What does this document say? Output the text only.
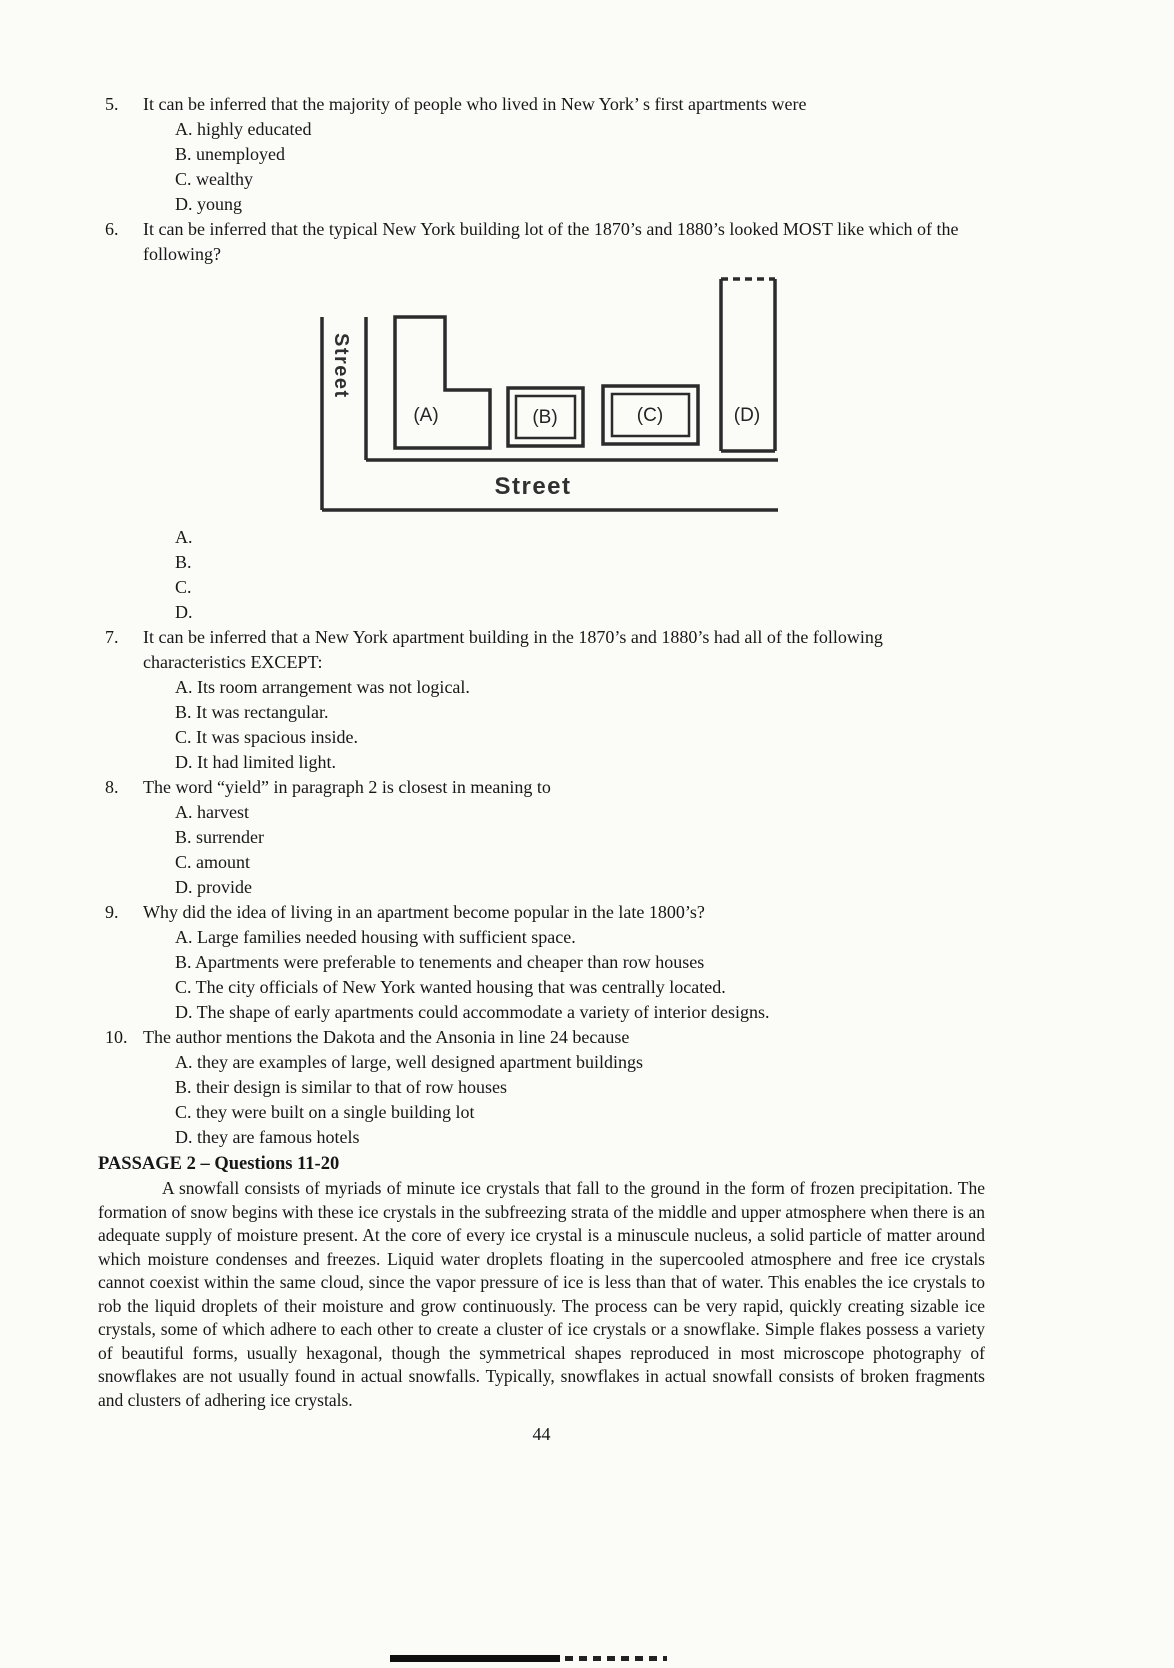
5.	It can be inferred that the majority of people who lived in New York’ s first apartments were
A. highly educated
B. unemployed
C. wealthy
D. young
6.	It can be inferred that the typical New York building lot of the 1870’s and 1880’s looked MOST like which of the following?
Street
Street
(A)	(B)	(C)	(D)
A.
B.
C.
D.
7.	It can be inferred that a New York apartment building in the 1870’s and 1880’s had all of the following characteristics EXCEPT:
A. Its room arrangement was not logical.
B. It was rectangular.
C. It was spacious inside.
D. It had limited light.
8.	The word “yield” in paragraph 2 is closest in meaning to
A. harvest
B. surrender
C. amount
D. provide
9.	Why did the idea of living in an apartment become popular in the late 1800’s?
A. Large families needed housing with sufficient space.
B. Apartments were preferable to tenements and cheaper than row houses
C. The city officials of New York wanted housing that was centrally located.
D. The shape of early apartments could accommodate a variety of interior designs.
10. The author mentions the Dakota and the Ansonia in line 24 because
A. they are examples of large, well designed apartment buildings
B. their design is similar to that of row houses
C. they were built on a single building lot
D. they are famous hotels
PASSAGE 2 – Questions 11-20

A snowfall consists of myriads of minute ice crystals that fall to the ground in the form of frozen precipitation. The formation of snow begins with these ice crystals in the subfreezing strata of the middle and upper atmosphere when there is an adequate supply of moisture present. At the core of every ice crystal is a minuscule nucleus, a solid particle of matter around which moisture condenses and freezes. Liquid water droplets floating in the supercooled atmosphere and free ice crystals cannot coexist within the same cloud, since the vapor pressure of ice is less than that of water. This enables the ice crystals to rob the liquid droplets of their moisture and grow continuously. The process can be very rapid, quickly creating sizable ice crystals, some of which adhere to each other to create a cluster of ice crystals or a snowflake. Simple flakes possess a variety of beautiful forms, usually hexagonal, though the symmetrical shapes reproduced in most microscope photography of snowflakes are not usually found in actual snowfalls. Typically, snowflakes in actual snowfall consists of broken fragments and clusters of adhering ice crystals.

44
